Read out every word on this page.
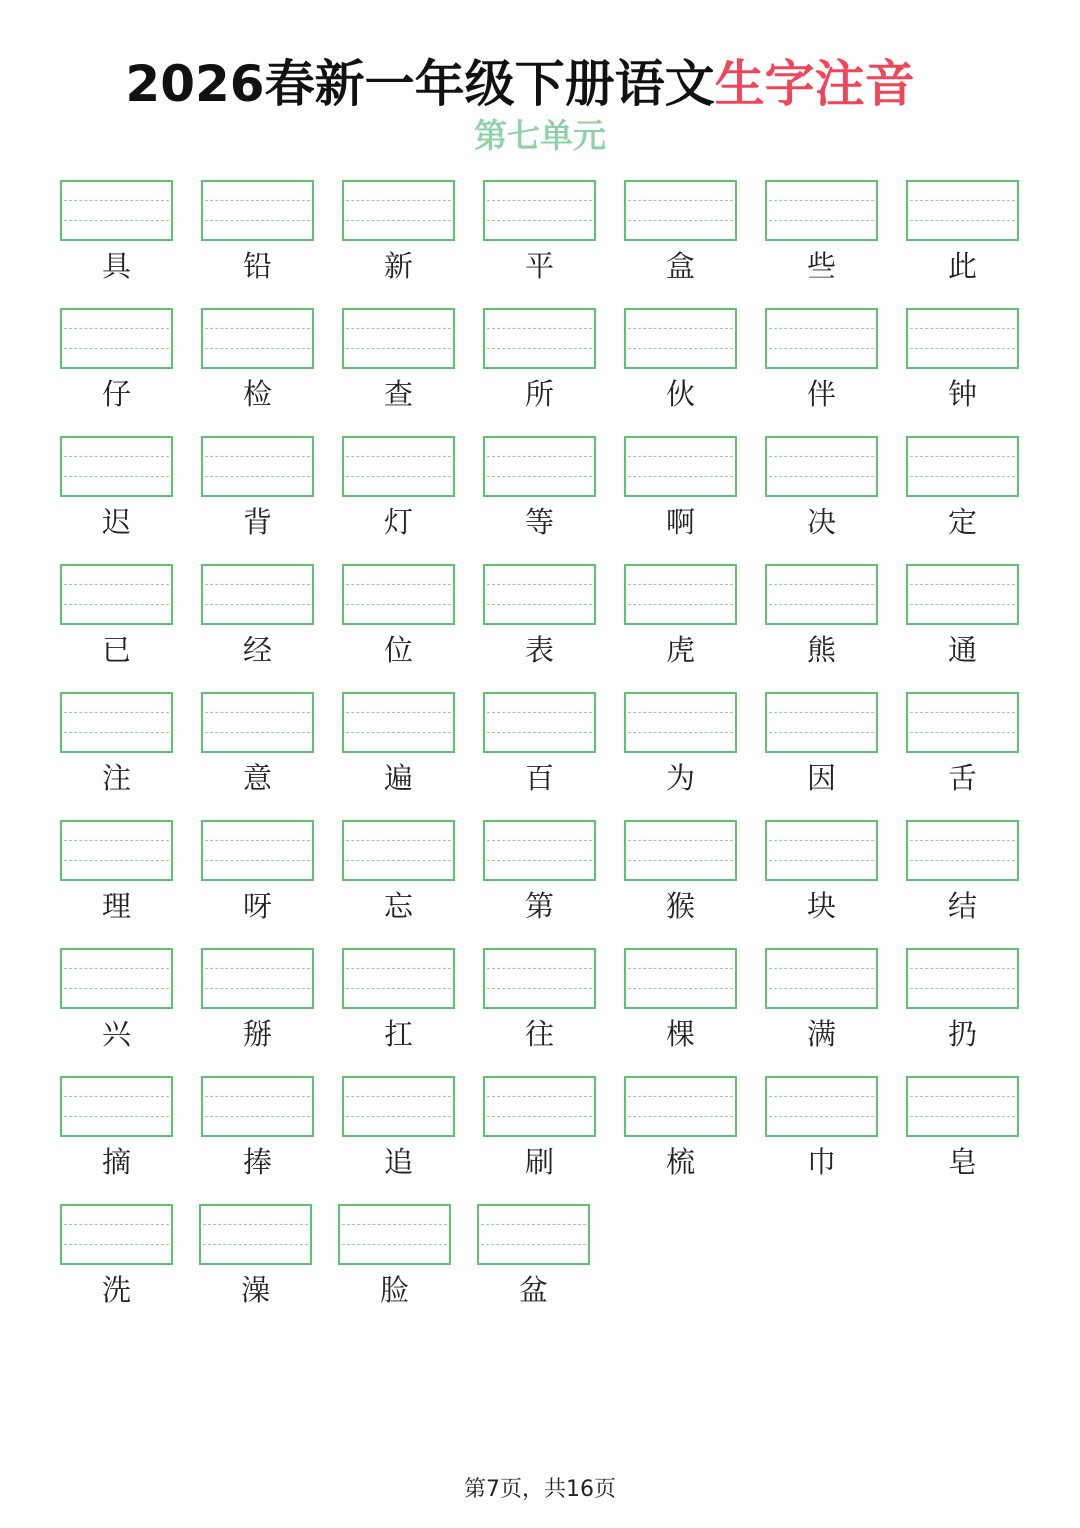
2026春新一年级下册语文生字注音
第七单元
具	铅	新	平	盒	些	此
仔	检	查	所	伙	伴	钟
迟	背	灯	等	啊	决	定
已	经	位	表	虎	熊	通
注	意	遍	百	为	因	舌
理	呀	忘	第	猴	块	结
兴	掰	扛	往	棵	满	扔
摘	捧	追	刷	梳	巾	皂
洗	澡	脸	盆
第7页，共16页
